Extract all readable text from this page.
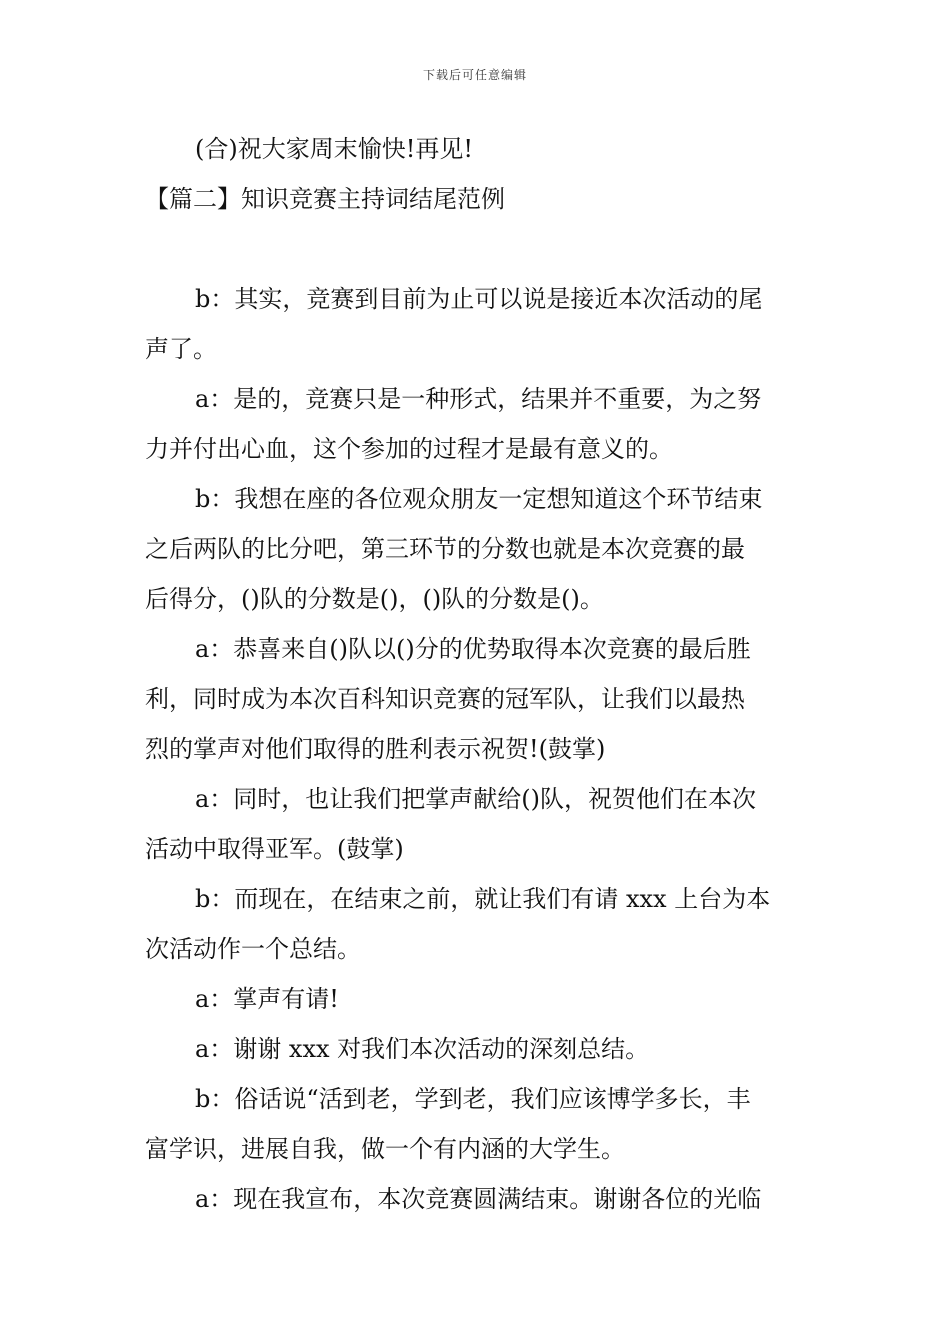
下载后可任意编辑

(合)祝大家周末愉快!再见!

【篇二】知识竞赛主持词结尾范例

b：其实，竞赛到目前为止可以说是接近本次活动的尾

声了。

a：是的，竞赛只是一种形式，结果并不重要，为之努

力并付出心血，这个参加的过程才是最有意义的。

b：我想在座的各位观众朋友一定想知道这个环节结束

之后两队的比分吧，第三环节的分数也就是本次竞赛的最

后得分，()队的分数是()，()队的分数是()。

a：恭喜来自()队以()分的优势取得本次竞赛的最后胜

利，同时成为本次百科知识竞赛的冠军队，让我们以最热

烈的掌声对他们取得的胜利表示祝贺!(鼓掌)

a：同时，也让我们把掌声献给()队，祝贺他们在本次

活动中取得亚军。(鼓掌)

b：而现在，在结束之前，就让我们有请 xxx 上台为本

次活动作一个总结。

a：掌声有请!

a：谢谢 xxx 对我们本次活动的深刻总结。

b：俗话说“活到老，学到老，我们应该博学多长，丰

富学识，进展自我，做一个有内涵的大学生。

a：现在我宣布，本次竞赛圆满结束。谢谢各位的光临
